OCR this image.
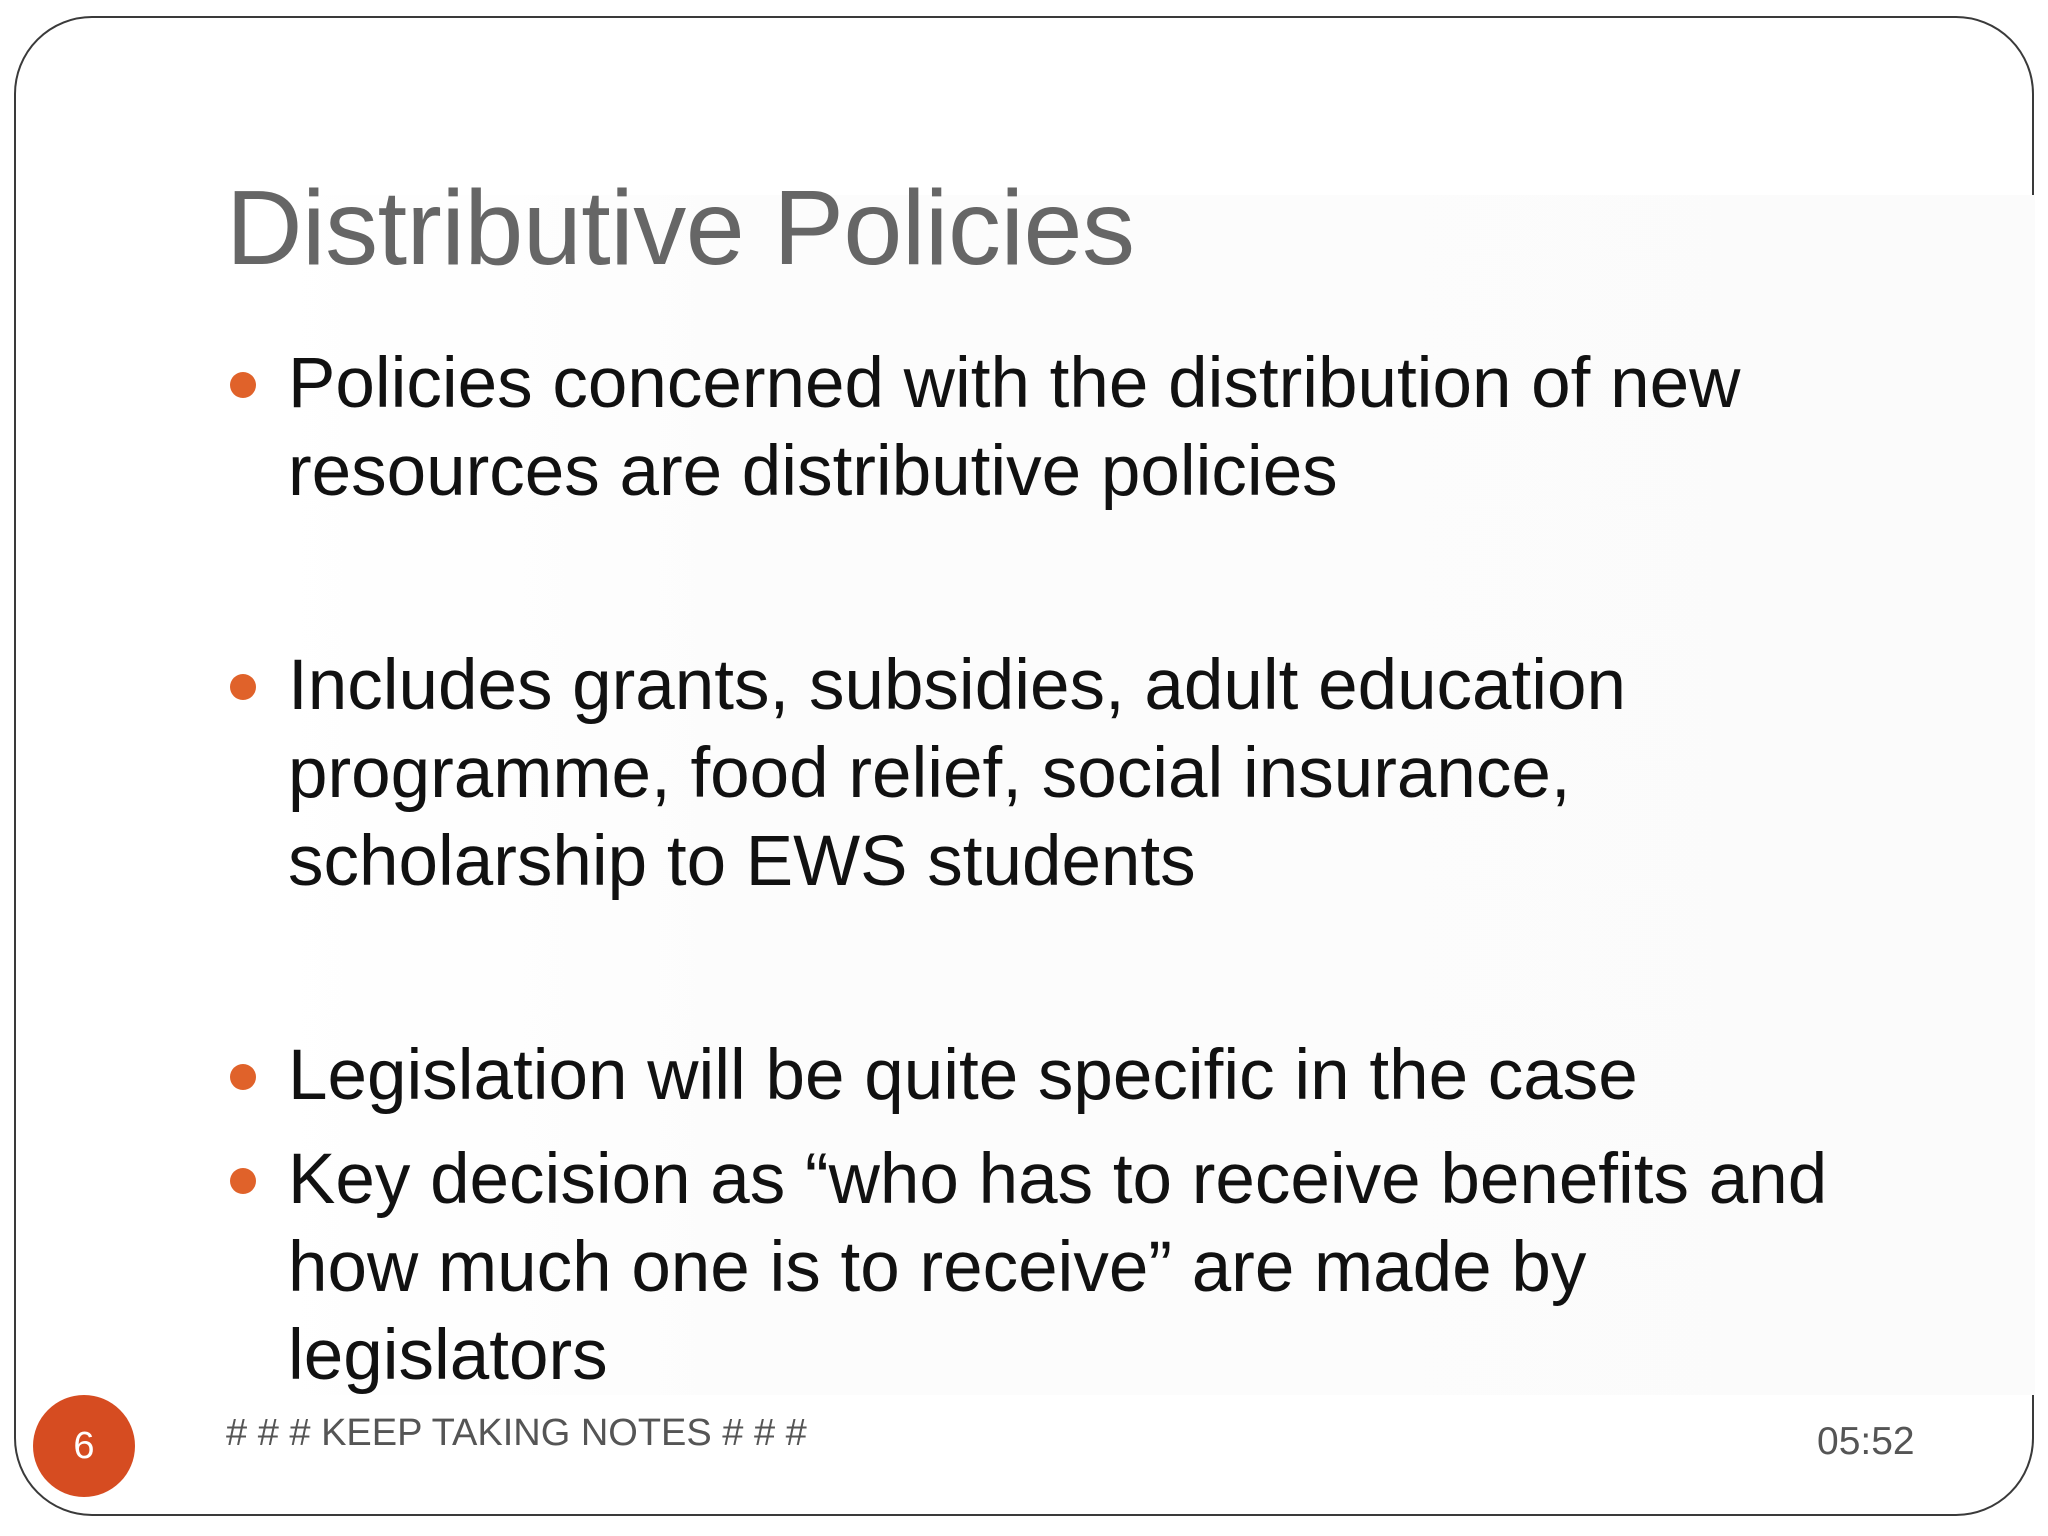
Distributive Policies
Policies concerned with the distribution of new
resources are distributive policies
Includes grants, subsidies, adult education
programme, food relief, social insurance,
scholarship to EWS students
Legislation will be quite specific in the case
Key decision as “who has to receive benefits and
how much one is to receive” are made by
legislators
6	# # # KEEP TAKING NOTES # # #	05:52
